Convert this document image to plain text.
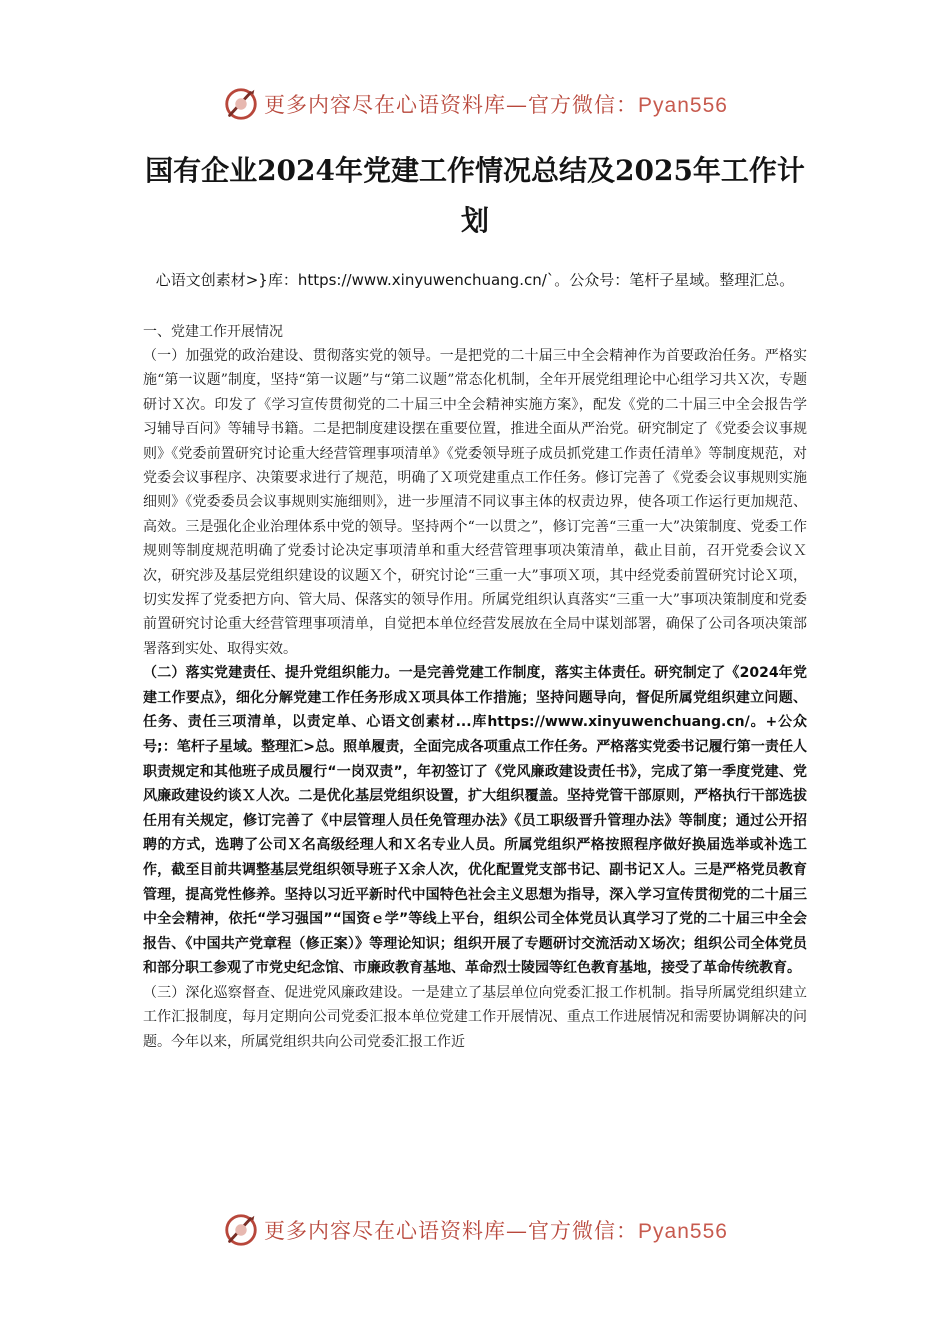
更多内容尽在心语资料库—官方微信：Pyan556
国有企业2024年党建工作情况总结及2025年工作计划

心语文创素材>}库：https://www.xinyuwenchuang.cn/`。公众号：笔杆子星域。整理汇总。

一、党建工作开展情况

（一）加强党的政治建设、贯彻落实党的领导。一是把党的二十届三中全会精神作为首要政治任务。严格实施“第一议题”制度，坚持“第一议题”与“第二议题”常态化机制，全年开展党组理论中心组学习共Ｘ次，专题研讨Ｘ次。印发了《学习宣传贯彻党的二十届三中全会精神实施方案》，配发《党的二十届三中全会报告学习辅导百问》等辅导书籍。二是把制度建设摆在重要位置，推进全面从严治党。研究制定了《党委会议事规则》《党委前置研究讨论重大经营管理事项清单》《党委领导班子成员抓党建工作责任清单》等制度规范，对党委会议事程序、决策要求进行了规范，明确了Ｘ项党建重点工作任务。修订完善了《党委会议事规则实施细则》《党委委员会议事规则实施细则》，进一步厘清不同议事主体的权责边界，使各项工作运行更加规范、高效。三是强化企业治理体系中党的领导。坚持两个“一以贯之”，修订完善“三重一大”决策制度、党委工作规则等制度规范明确了党委讨论决定事项清单和重大经营管理事项决策清单，截止目前，召开党委会议Ｘ次，研究涉及基层党组织建设的议题Ｘ个，研究讨论“三重一大”事项Ｘ项，其中经党委前置研究讨论Ｘ项，切实发挥了党委把方向、管大局、保落实的领导作用。所属党组织认真落实“三重一大”事项决策制度和党委前置研究讨论重大经营管理事项清单，自觉把本单位经营发展放在全局中谋划部署，确保了公司各项决策部署落到实处、取得实效。

（二）落实党建责任、提升党组织能力。一是完善党建工作制度，落实主体责任。研究制定了《2024年党建工作要点》，细化分解党建工作任务形成Ｘ项具体工作措施；坚持问题导向，督促所属党组织建立问题、任务、责任三项清单，以责定单、心语文创素材...库https://www.xinyuwenchuang.cn/。+公众号;：笔杆子星域。整理汇>总。照单履责，全面完成各项重点工作任务。严格落实党委书记履行第一责任人职责规定和其他班子成员履行“一岗双责”，年初签订了《党风廉政建设责任书》，完成了第一季度党建、党风廉政建设约谈Ｘ人次。二是优化基层党组织设置，扩大组织覆盖。坚持党管干部原则，严格执行干部选拔任用有关规定，修订完善了《中层管理人员任免管理办法》《员工职级晋升管理办法》等制度；通过公开招聘的方式，选聘了公司Ｘ名高级经理人和Ｘ名专业人员。所属党组织严格按照程序做好换届选举或补选工作，截至目前共调整基层党组织领导班子Ｘ余人次，优化配置党支部书记、副书记Ｘ人。三是严格党员教育管理，提高党性修养。坚持以习近平新时代中国特色社会主义思想为指导，深入学习宣传贯彻党的二十届三中全会精神，依托“学习强国”“国资ｅ学”等线上平台，组织公司全体党员认真学习了党的二十届三中全会报告、《中国共产党章程（修正案）》等理论知识；组织开展了专题研讨交流活动Ｘ场次；组织公司全体党员和部分职工参观了市党史纪念馆、市廉政教育基地、革命烈士陵园等红色教育基地，接受了革命传统教育。

（三）深化巡察督查、促进党风廉政建设。一是建立了基层单位向党委汇报工作机制。指导所属党组织建立工作汇报制度，每月定期向公司党委汇报本单位党建工作开展情况、重点工作进展情况和需要协调解决的问题。今年以来，所属党组织共向公司党委汇报工作近

更多内容尽在心语资料库—官方微信：Pyan556
